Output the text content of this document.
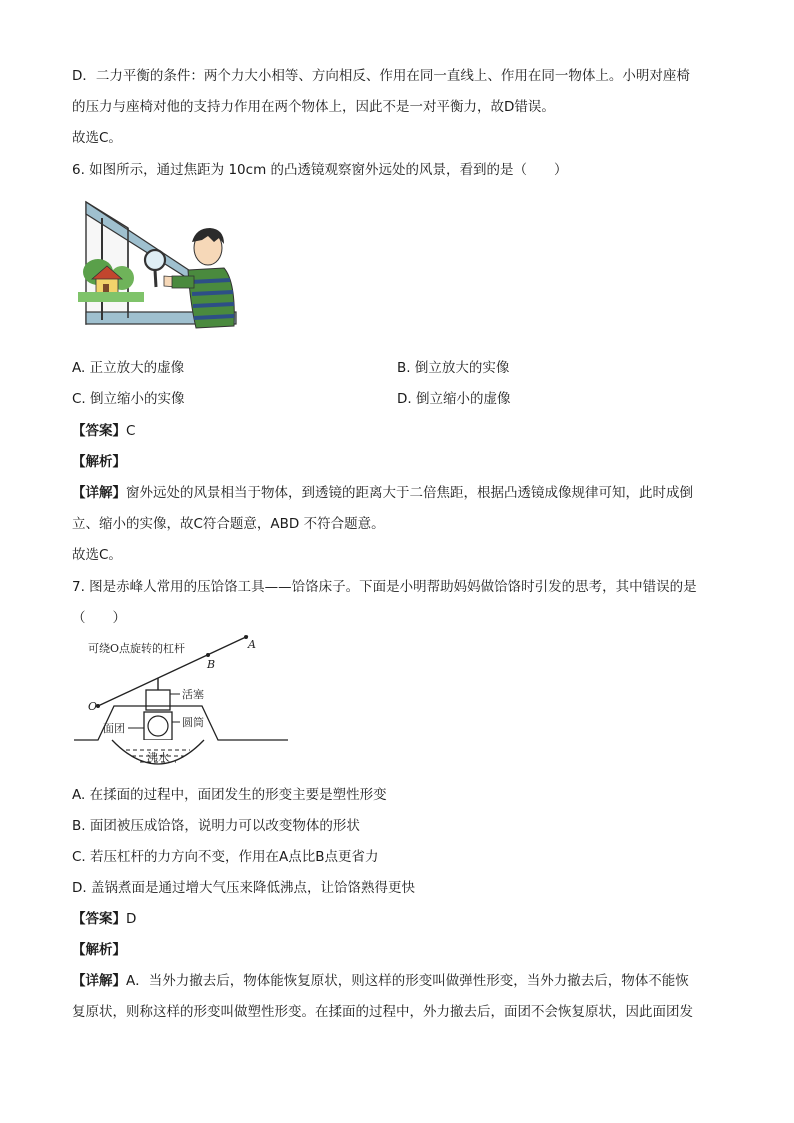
D．二力平衡的条件：两个力大小相等、方向相反、作用在同一直线上、作用在同一物体上。小明对座椅
的压力与座椅对他的支持力作用在两个物体上，因此不是一对平衡力，故D错误。
故选C。
6. 如图所示，通过焦距为 10cm 的凸透镜观察窗外远处的风景，看到的是（　　）
A. 正立放大的虚像	B. 倒立放大的实像
C. 倒立缩小的实像	D. 倒立缩小的虚像
【答案】C
【解析】
【详解】窗外远处的风景相当于物体，到透镜的距离大于二倍焦距，根据凸透镜成像规律可知，此时成倒
立、缩小的实像，故C符合题意，ABD 不符合题意。
故选C。
7. 图是赤峰人常用的压饸饹工具——饸饹床子。下面是小明帮助妈妈做饸饹时引发的思考，其中错误的是
（　　）
可绕O点旋转的杠杆	A
B
O
活塞
圆筒
面团
沸水
A. 在揉面的过程中，面团发生的形变主要是塑性形变
B. 面团被压成饸饹，说明力可以改变物体的形状
C. 若压杠杆的力方向不变，作用在A点比B点更省力
D. 盖锅煮面是通过增大气压来降低沸点，让饸饹熟得更快
【答案】D
【解析】
【详解】A．当外力撤去后，物体能恢复原状，则这样的形变叫做弹性形变，当外力撤去后，物体不能恢
复原状，则称这样的形变叫做塑性形变。在揉面的过程中，外力撤去后，面团不会恢复原状，因此面团发
